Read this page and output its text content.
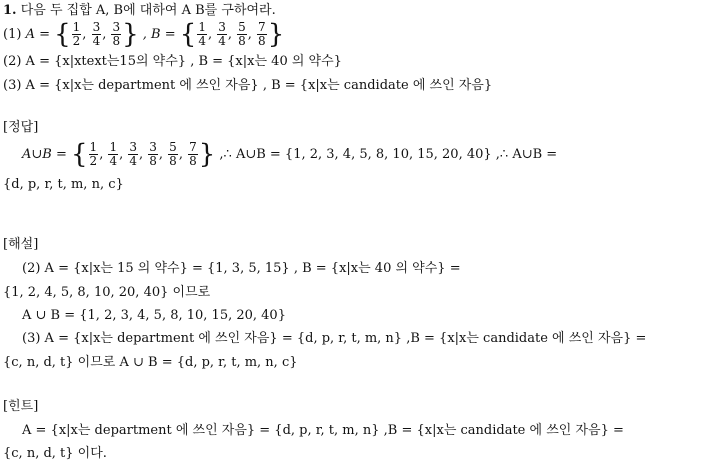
1. 다음 두 집합 A, B에 대하여 A B를 구하여라.
(1) A = { $\frac{1}{2}$ , $\frac{3}{4}$ , $\frac{3}{8}$ } , B = { $\frac{1}{4}$ , $\frac{3}{4}$ , $\frac{5}{8}$ , $\frac{7}{8}$ }
(2) A = {x|xtext는15의 약수} , B = {x|x는 40 의 약수}
(3) A = {x|x는 department 에 쓰인 자음} , B = {x|x는 candidate 에 쓰인 자음}
[정답]
A∪B = { $\frac{1}{2}$ , $\frac{1}{4}$ , $\frac{3}{4}$ , $\frac{3}{8}$ , $\frac{5}{8}$ , $\frac{7}{8}$ } ,∴ A∪B = {1, 2, 3, 4, 5, 8, 10, 15, 20, 40} ,∴ A∪B =
{d, p, r, t, m, n, c}
[해설]
(2) A = {x|x는 15 의 약수} = {1, 3, 5, 15} , B = {x|x는 40 의 약수} =
{1, 2, 4, 5, 8, 10, 20, 40} 이므로
A ∪ B = {1, 2, 3, 4, 5, 8, 10, 15, 20, 40}
(3) A = {x|x는 department 에 쓰인 자음} = {d, p, r, t, m, n} ,B = {x|x는 candidate 에 쓰인 자음} =
{c, n, d, t} 이므로 A ∪ B = {d, p, r, t, m, n, c}
[힌트]
A = {x|x는 department 에 쓰인 자음} = {d, p, r, t, m, n} ,B = {x|x는 candidate 에 쓰인 자음} =
{c, n, d, t} 이다.
